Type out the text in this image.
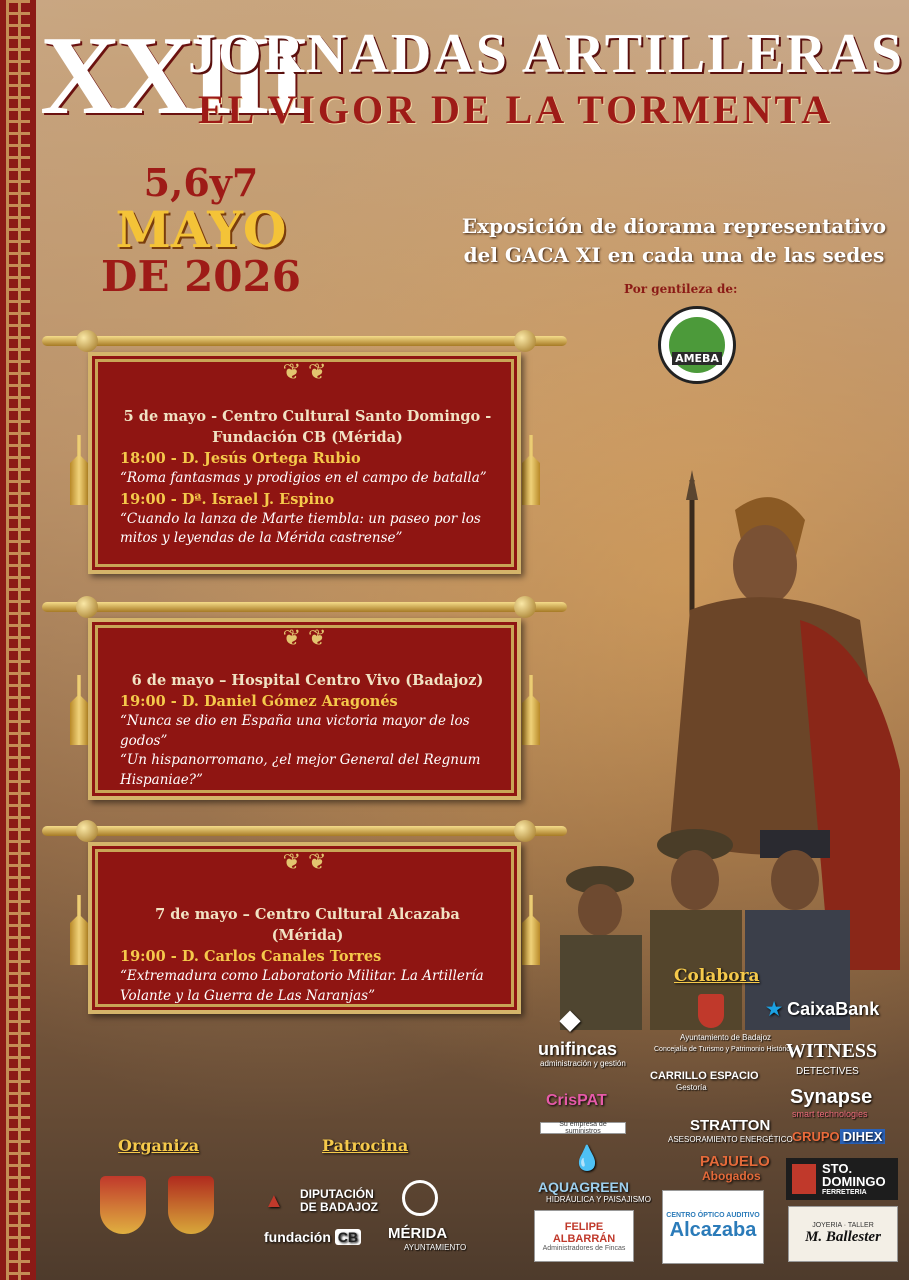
XXIII
JORNADAS ARTILLERAS
EL VIGOR DE LA TORMENTA
5,6y7
MAYO
DE 2026
Exposición de diorama representativo
del GACA XI en cada una de las sedes
Por gentileza de:
AMEBA
❦ ❦
5 de mayo - Centro Cultural Santo Domingo -
Fundación CB (Mérida)
18:00 - D. Jesús Ortega Rubio
“Roma fantasmas y prodigios en el campo de batalla”
19:00 - Dª. Israel J. Espino
“Cuando la lanza de Marte tiembla: un paseo por los mitos y leyendas de la Mérida castrense”
❦ ❦
6 de mayo – Hospital Centro Vivo (Badajoz)
19:00 - D. Daniel Gómez Aragonés
“Nunca se dio en España una victoria mayor de los godos”
“Un hispanorromano, ¿el mejor General del Regnum Hispaniae?”
❦ ❦
7 de mayo – Centro Cultural Alcazaba (Mérida)
19:00 - D. Carlos Canales Torres
“Extremadura como Laboratorio Militar. La Artillería Volante y la Guerra de Las Naranjas”
Organiza	Patrocina
DIPUTACIÓN
DE BADAJOZ
▲
fundación CB MÉRIDA
AYUNTAMIENTO
Colabora
◆
unifincas
administración y gestión
CrisPAT
Su empresa de suministros
💧
AQUAGREEN
HIDRÁULICA Y PAISAJISMO
FELIPE ALBARRÁN
Administradores de Fincas
Ayuntamiento de Badajoz
Concejalía de Turismo y Patrimonio Histórico
CARRILLO ESPACIO
Gestoría
STRATTON
ASESORAMIENTO ENERGÉTICO
PAJUELO
Abogados
CENTRO ÓPTICO AUDITIVO
Alcazaba
★ CaixaBank
WITNESS
DETECTIVES
Synapse
smart technologies
GRUPO DIHEX
STO.
DOMINGO
FERRETERIA
JOYERIA · TALLER
M. Ballester
